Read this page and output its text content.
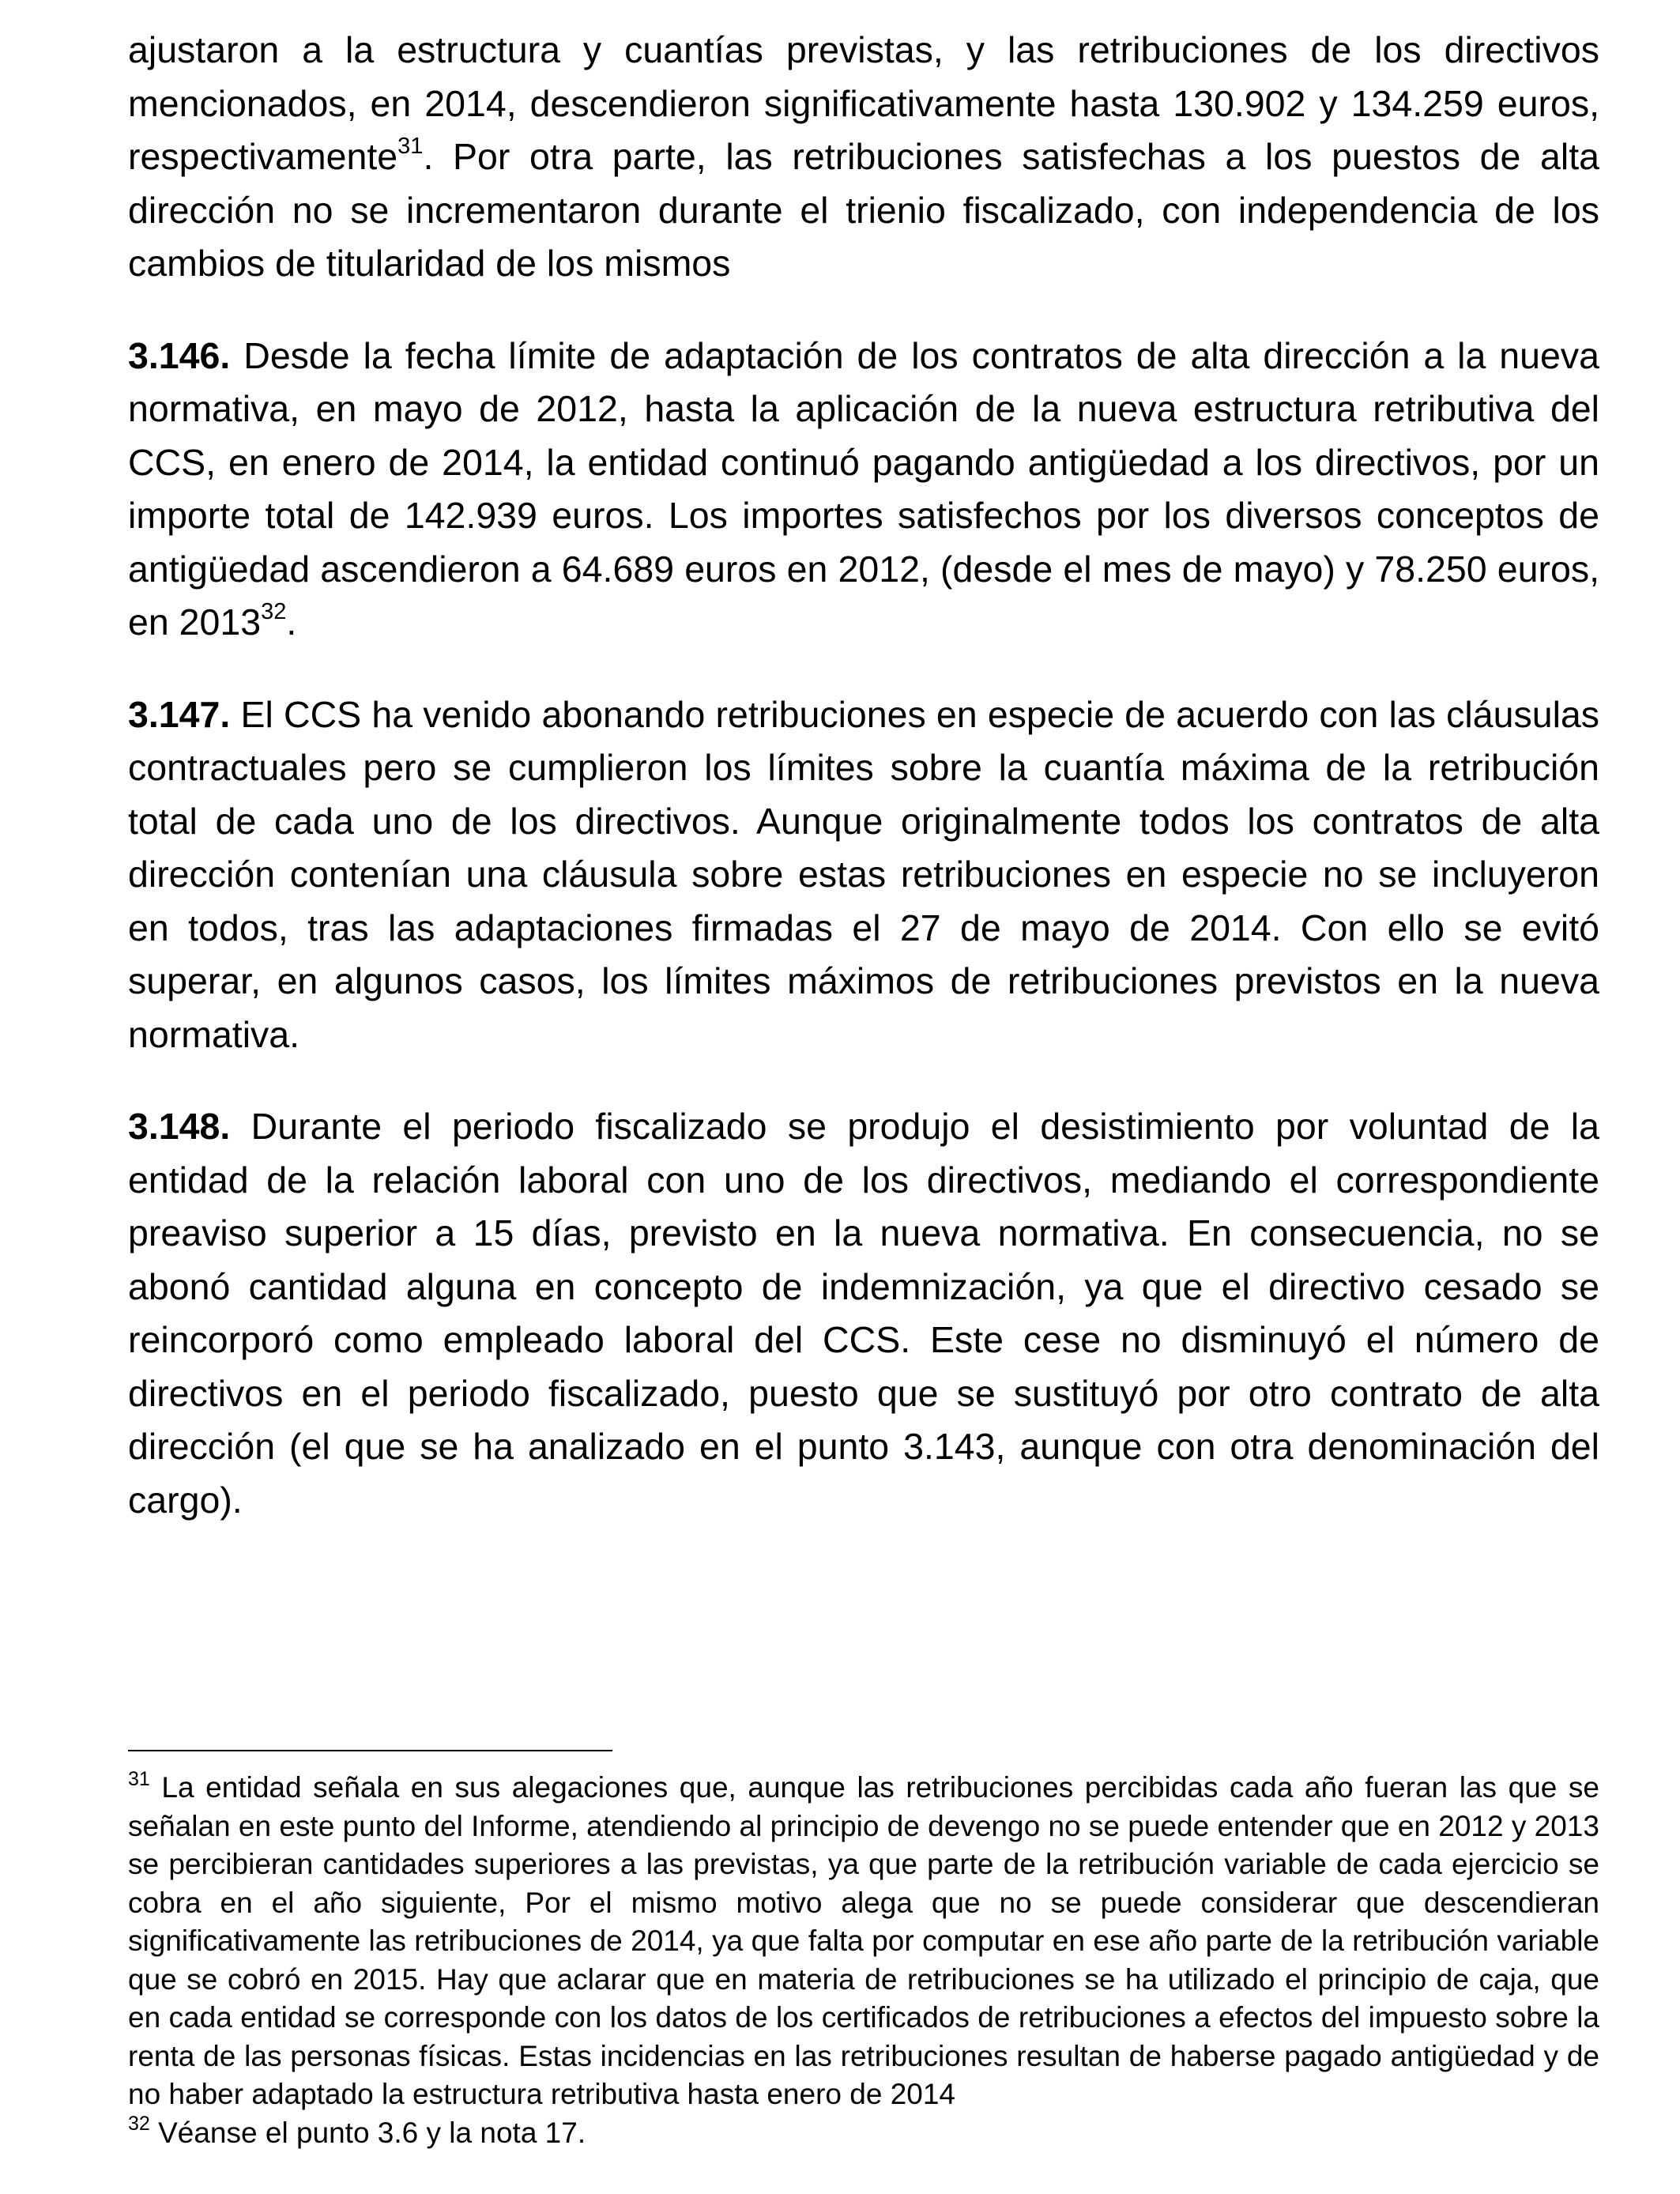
ajustaron a la estructura y cuantías previstas, y las retribuciones de los directivos mencionados, en 2014, descendieron significativamente hasta 130.902 y 134.259 euros, respectivamente$^{31}$. Por otra parte, las retribuciones satisfechas a los puestos de alta dirección no se incrementaron durante el trienio fiscalizado, con independencia de los cambios de titularidad de los mismos

3.146. Desde la fecha límite de adaptación de los contratos de alta dirección a la nueva normativa, en mayo de 2012, hasta la aplicación de la nueva estructura retributiva del CCS, en enero de 2014, la entidad continuó pagando antigüedad a los directivos, por un importe total de 142.939 euros. Los importes satisfechos por los diversos conceptos de antigüedad ascendieron a 64.689 euros en 2012, (desde el mes de mayo) y 78.250 euros, en 2013$^{32}$.

3.147. El CCS ha venido abonando retribuciones en especie de acuerdo con las cláusulas contractuales pero se cumplieron los límites sobre la cuantía máxima de la retribución total de cada uno de los directivos. Aunque originalmente todos los contratos de alta dirección contenían una cláusula sobre estas retribuciones en especie no se incluyeron en todos, tras las adaptaciones firmadas el 27 de mayo de 2014. Con ello se evitó superar, en algunos casos, los límites máximos de retribuciones previstos en la nueva normativa.

3.148. Durante el periodo fiscalizado se produjo el desistimiento por voluntad de la entidad de la relación laboral con uno de los directivos, mediando el correspondiente preaviso superior a 15 días, previsto en la nueva normativa. En consecuencia, no se abonó cantidad alguna en concepto de indemnización, ya que el directivo cesado se reincorporó como empleado laboral del CCS. Este cese no disminuyó el número de directivos en el periodo fiscalizado, puesto que se sustituyó por otro contrato de alta dirección (el que se ha analizado en el punto 3.143, aunque con otra denominación del cargo).

$^{31}$ La entidad señala en sus alegaciones que, aunque las retribuciones percibidas cada año fueran las que se señalan en este punto del Informe, atendiendo al principio de devengo no se puede entender que en 2012 y 2013 se percibieran cantidades superiores a las previstas, ya que parte de la retribución variable de cada ejercicio se cobra en el año siguiente, Por el mismo motivo alega que no se puede considerar que descendieran significativamente las retribuciones de 2014, ya que falta por computar en ese año parte de la retribución variable que se cobró en 2015. Hay que aclarar que en materia de retribuciones se ha utilizado el principio de caja, que en cada entidad se corresponde con los datos de los certificados de retribuciones a efectos del impuesto sobre la renta de las personas físicas. Estas incidencias en las retribuciones resultan de haberse pagado antigüedad y de no haber adaptado la estructura retributiva hasta enero de 2014

$^{32}$ Véanse el punto 3.6 y la nota 17.
